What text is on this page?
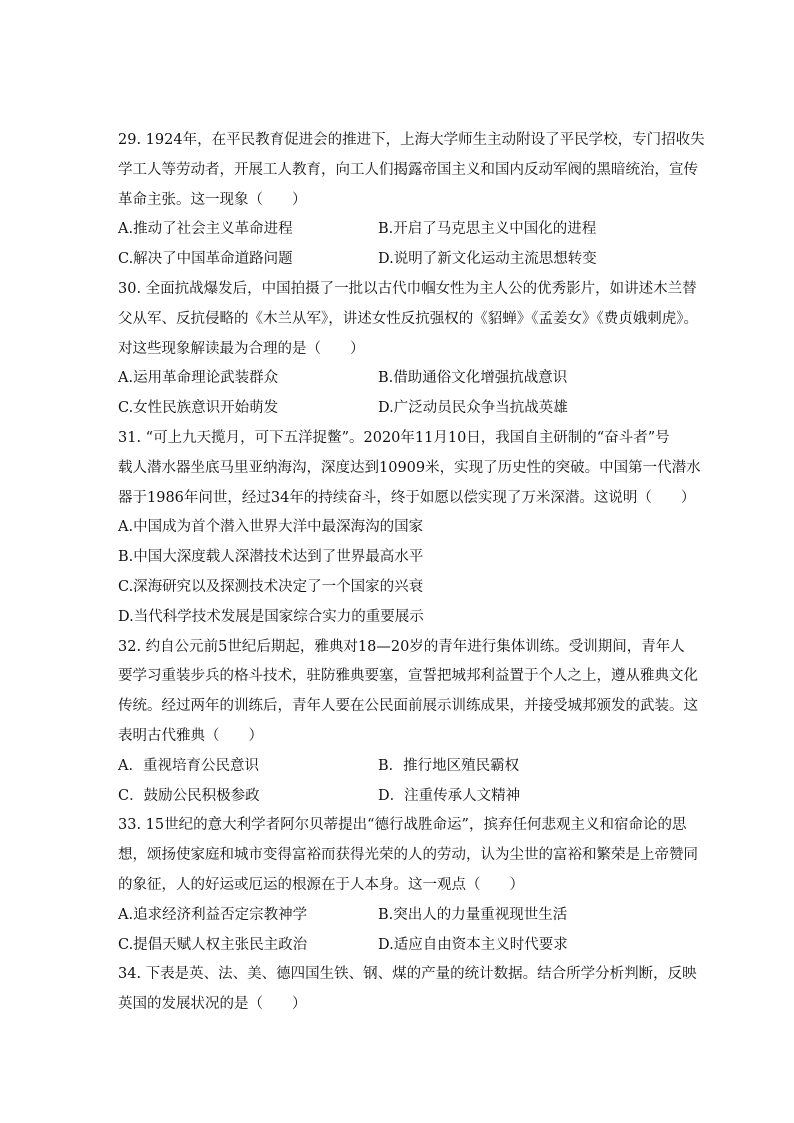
29. 1924年，在平民教育促进会的推进下，上海大学师生主动附设了平民学校，专门招收失
学工人等劳动者，开展工人教育，向工人们揭露帝国主义和国内反动军阀的黑暗统治，宣传
革命主张。这一现象（　　）
A.推动了社会主义革命进程	B.开启了马克思主义中国化的进程
C.解决了中国革命道路问题	D.说明了新文化运动主流思想转变
30. 全面抗战爆发后，中国拍摄了一批以古代巾帼女性为主人公的优秀影片，如讲述木兰替
父从军、反抗侵略的《木兰从军》，讲述女性反抗强权的《貂蝉》《孟姜女》《费贞娥刺虎》。
对这些现象解读最为合理的是（　　）
A.运用革命理论武装群众	B.借助通俗文化增强抗战意识
C.女性民族意识开始萌发	D.广泛动员民众争当抗战英雄
31. “可上九天揽月，可下五洋捉鳖”。2020年11月10日，我国自主研制的“奋斗者”号
载人潜水器坐底马里亚纳海沟，深度达到10909米，实现了历史性的突破。中国第一代潜水
器于1986年问世，经过34年的持续奋斗，终于如愿以偿实现了万米深潜。这说明（　　）
A.中国成为首个潜入世界大洋中最深海沟的国家
B.中国大深度载人深潜技术达到了世界最高水平
C.深海研究以及探测技术决定了一个国家的兴衰
D.当代科学技术发展是国家综合实力的重要展示
32. 约自公元前5世纪后期起，雅典对18—20岁的青年进行集体训练。受训期间，青年人
要学习重装步兵的格斗技术，驻防雅典要塞，宣誓把城邦利益置于个人之上，遵从雅典文化
传统。经过两年的训练后，青年人要在公民面前展示训练成果，并接受城邦颁发的武装。这
表明古代雅典（　　）
A．重视培育公民意识	B．推行地区殖民霸权
C．鼓励公民积极参政	D．注重传承人文精神
33. 15世纪的意大利学者阿尔贝蒂提出“德行战胜命运”，摈弃任何悲观主义和宿命论的思
想，颂扬使家庭和城市变得富裕而获得光荣的人的劳动，认为尘世的富裕和繁荣是上帝赞同
的象征，人的好运或厄运的根源在于人本身。这一观点（　　）
A.追求经济利益否定宗教神学	B.突出人的力量重视现世生活
C.提倡天赋人权主张民主政治	D.适应自由资本主义时代要求
34. 下表是英、法、美、德四国生铁、钢、煤的产量的统计数据。结合所学分析判断，反映
英国的发展状况的是（　　）
